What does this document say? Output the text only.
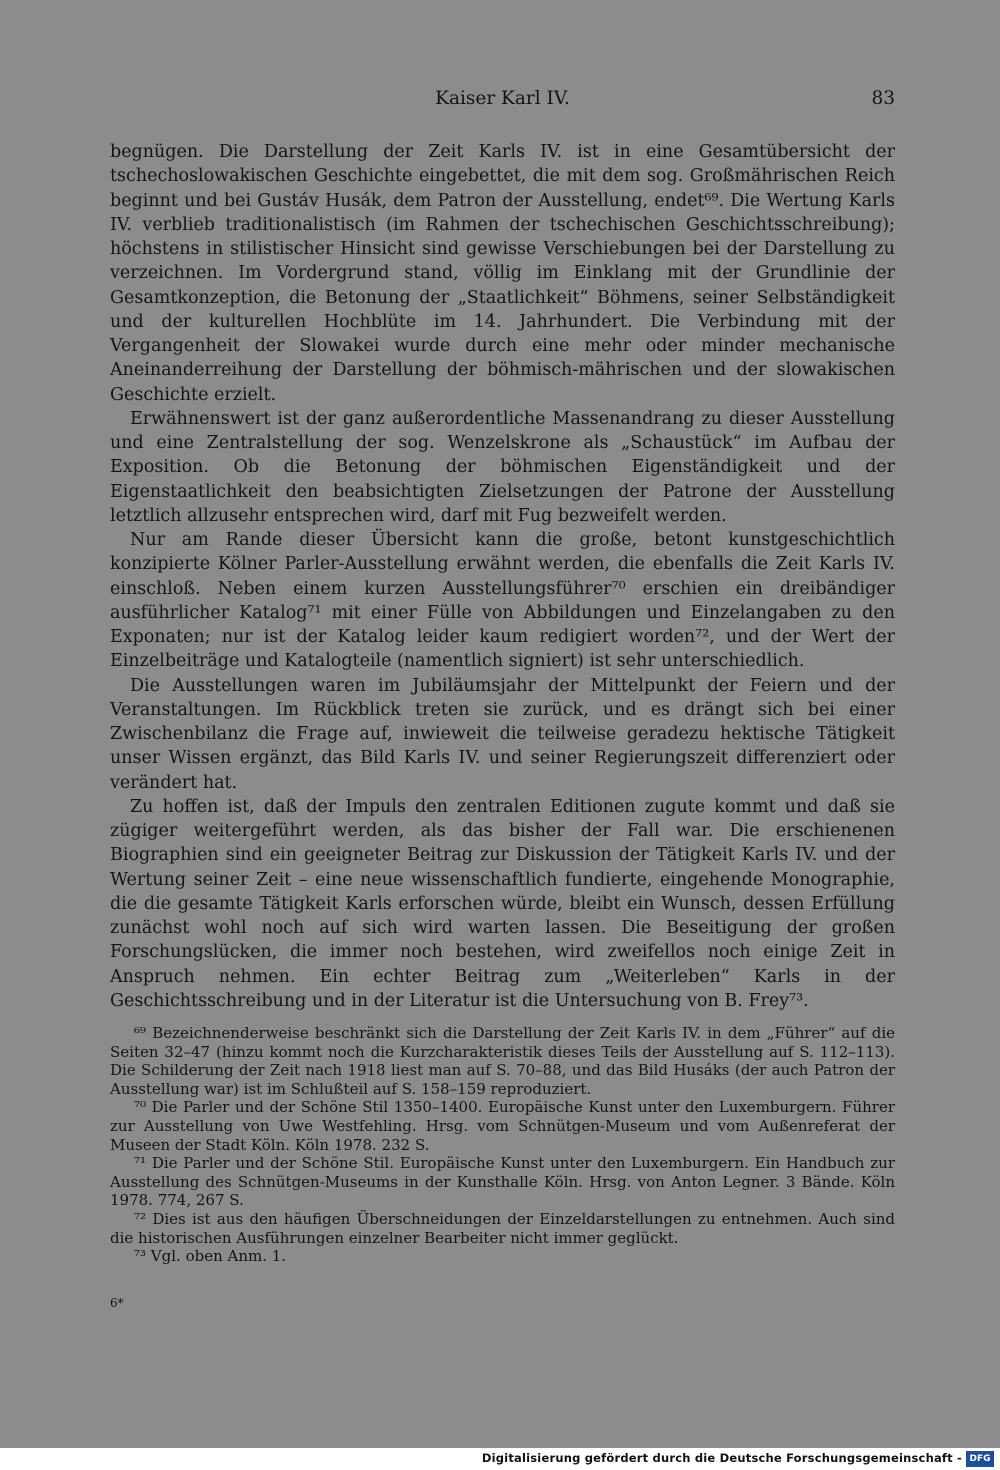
Kaiser Karl IV.	83

begnügen. Die Darstellung der Zeit Karls IV. ist in eine Gesamtübersicht der tschechoslowakischen Geschichte eingebettet, die mit dem sog. Großmährischen Reich beginnt und bei Gustáv Husák, dem Patron der Ausstellung, endet⁶⁹. Die Wertung Karls IV. verblieb traditionalistisch (im Rahmen der tschechischen Geschichtsschreibung); höchstens in stilistischer Hinsicht sind gewisse Verschiebungen bei der Darstellung zu verzeichnen. Im Vordergrund stand, völlig im Einklang mit der Grundlinie der Gesamtkonzeption, die Betonung der „Staatlichkeit“ Böhmens, seiner Selbständigkeit und der kulturellen Hochblüte im 14. Jahrhundert. Die Verbindung mit der Vergangenheit der Slowakei wurde durch eine mehr oder minder mechanische Aneinanderreihung der Darstellung der böhmisch-mährischen und der slowakischen Geschichte erzielt.

Erwähnenswert ist der ganz außerordentliche Massenandrang zu dieser Ausstellung und eine Zentralstellung der sog. Wenzelskrone als „Schaustück“ im Aufbau der Exposition. Ob die Betonung der böhmischen Eigenständigkeit und der Eigenstaatlichkeit den beabsichtigten Zielsetzungen der Patrone der Ausstellung letztlich allzusehr entsprechen wird, darf mit Fug bezweifelt werden.

Nur am Rande dieser Übersicht kann die große, betont kunstgeschichtlich konzipierte Kölner Parler-Ausstellung erwähnt werden, die ebenfalls die Zeit Karls IV. einschloß. Neben einem kurzen Ausstellungsführer⁷⁰ erschien ein dreibändiger ausführlicher Katalog⁷¹ mit einer Fülle von Abbildungen und Einzelangaben zu den Exponaten; nur ist der Katalog leider kaum redigiert worden⁷², und der Wert der Einzelbeiträge und Katalogteile (namentlich signiert) ist sehr unterschiedlich.

Die Ausstellungen waren im Jubiläumsjahr der Mittelpunkt der Feiern und der Veranstaltungen. Im Rückblick treten sie zurück, und es drängt sich bei einer Zwischenbilanz die Frage auf, inwieweit die teilweise geradezu hektische Tätigkeit unser Wissen ergänzt, das Bild Karls IV. und seiner Regierungszeit differenziert oder verändert hat.

Zu hoffen ist, daß der Impuls den zentralen Editionen zugute kommt und daß sie zügiger weitergeführt werden, als das bisher der Fall war. Die erschienenen Biographien sind ein geeigneter Beitrag zur Diskussion der Tätigkeit Karls IV. und der Wertung seiner Zeit – eine neue wissenschaftlich fundierte, eingehende Monographie, die die gesamte Tätigkeit Karls erforschen würde, bleibt ein Wunsch, dessen Erfüllung zunächst wohl noch auf sich wird warten lassen. Die Beseitigung der großen Forschungslücken, die immer noch bestehen, wird zweifellos noch einige Zeit in Anspruch nehmen. Ein echter Beitrag zum „Weiterleben“ Karls in der Geschichtsschreibung und in der Literatur ist die Untersuchung von B. Frey⁷³.

⁶⁹ Bezeichnenderweise beschränkt sich die Darstellung der Zeit Karls IV. in dem „Führer“ auf die Seiten 32–47 (hinzu kommt noch die Kurzcharakteristik dieses Teils der Ausstellung auf S. 112–113). Die Schilderung der Zeit nach 1918 liest man auf S. 70–88, und das Bild Husáks (der auch Patron der Ausstellung war) ist im Schlußteil auf S. 158–159 reproduziert.

⁷⁰ Die Parler und der Schöne Stil 1350–1400. Europäische Kunst unter den Luxemburgern. Führer zur Ausstellung von Uwe Westfehling. Hrsg. vom Schnütgen-Museum und vom Außenreferat der Museen der Stadt Köln. Köln 1978. 232 S.

⁷¹ Die Parler und der Schöne Stil. Europäische Kunst unter den Luxemburgern. Ein Handbuch zur Ausstellung des Schnütgen-Museums in der Kunsthalle Köln. Hrsg. von Anton Legner. 3 Bände. Köln 1978. 774, 267 S.

⁷² Dies ist aus den häufigen Überschneidungen der Einzeldarstellungen zu entnehmen. Auch sind die historischen Ausführungen einzelner Bearbeiter nicht immer geglückt.

⁷³ Vgl. oben Anm. 1.

6*
Digitalisierung gefördert durch die Deutsche Forschungsgemeinschaft - DFG
